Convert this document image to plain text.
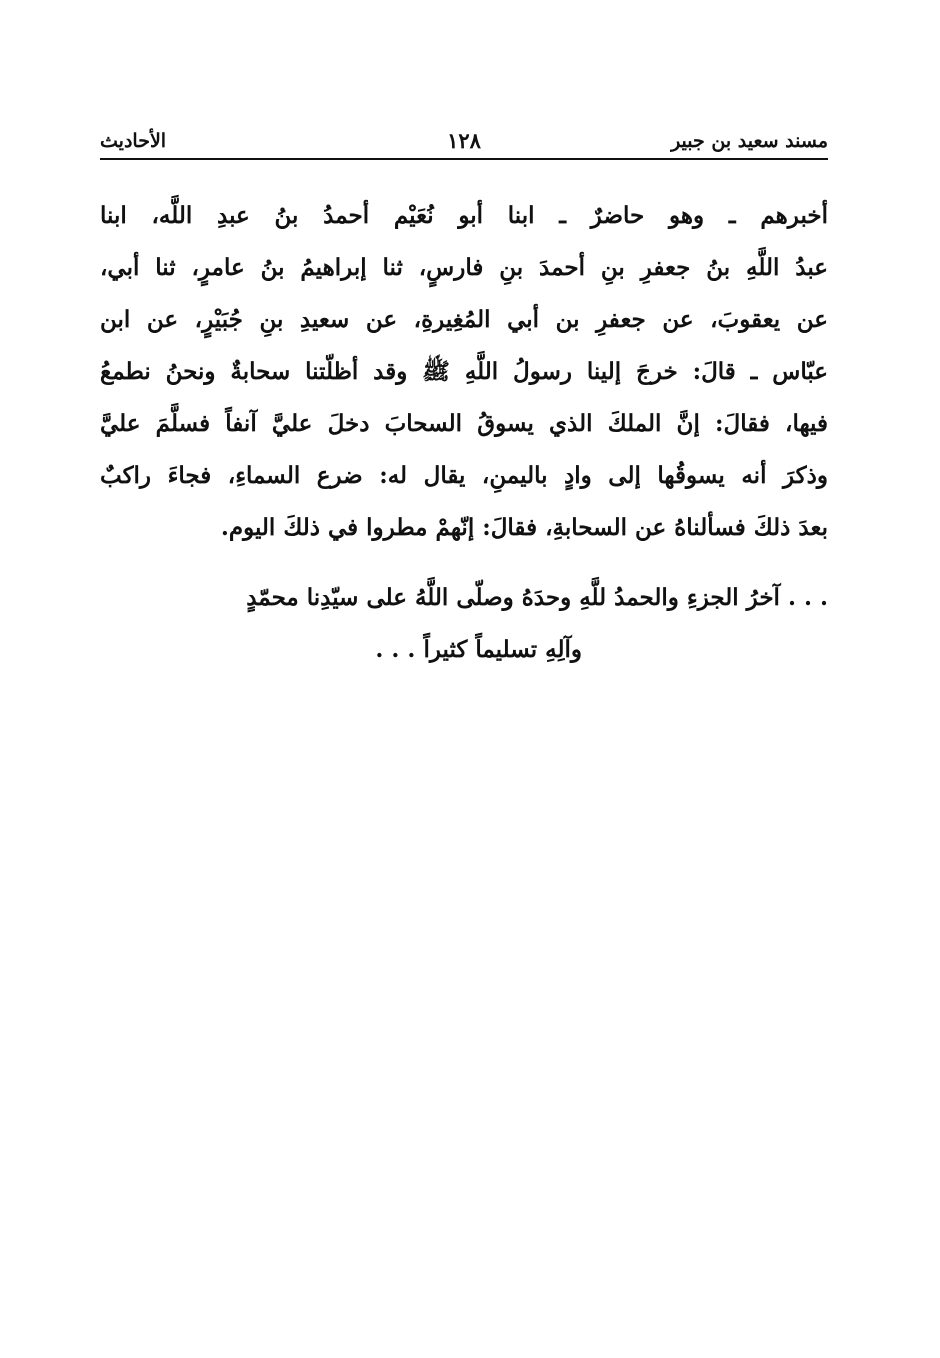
مسند سعيد بن جبير
١٢٨
الأحاديث
أخبرهم ـ وهو حاضرٌ ـ ابنا أبو نُعَيْم أحمدُ بنُ عبدِ اللَّه، ابنا
عبدُ اللَّهِ بنُ جعفرِ بنِ أحمدَ بنِ فارسٍ، ثنا إبراهيمُ بنُ عامرٍ، ثنا أبي،
عن يعقوبَ، عن جعفرِ بن أبي المُغِيرةِ، عن سعيدِ بنِ جُبَيْرٍ، عن ابن
عبّاس ـ قالَ: خرجَ إلينا رسولُ اللَّهِ ﷺ وقد أظلّتنا سحابةٌ ونحنُ نطمعُ
فيها، فقالَ: إنَّ الملكَ الذي يسوقُ السحابَ دخلَ عليَّ آنفاً فسلَّمَ عليَّ
وذكرَ أنه يسوقُها إلى وادٍ باليمنِ، يقال له: ضرع السماءِ، فجاءَ راكبٌ
بعدَ ذلكَ فسألناهُ عن السحابةِ، فقالَ: إنّهمْ مطروا في ذلكَ اليوم.
. . . آخرُ الجزءِ والحمدُ للَّهِ وحدَهُ وصلّى اللَّهُ على سيّدِنا محمّدٍ
وآلِهِ تسليماً كثيراً . . .
